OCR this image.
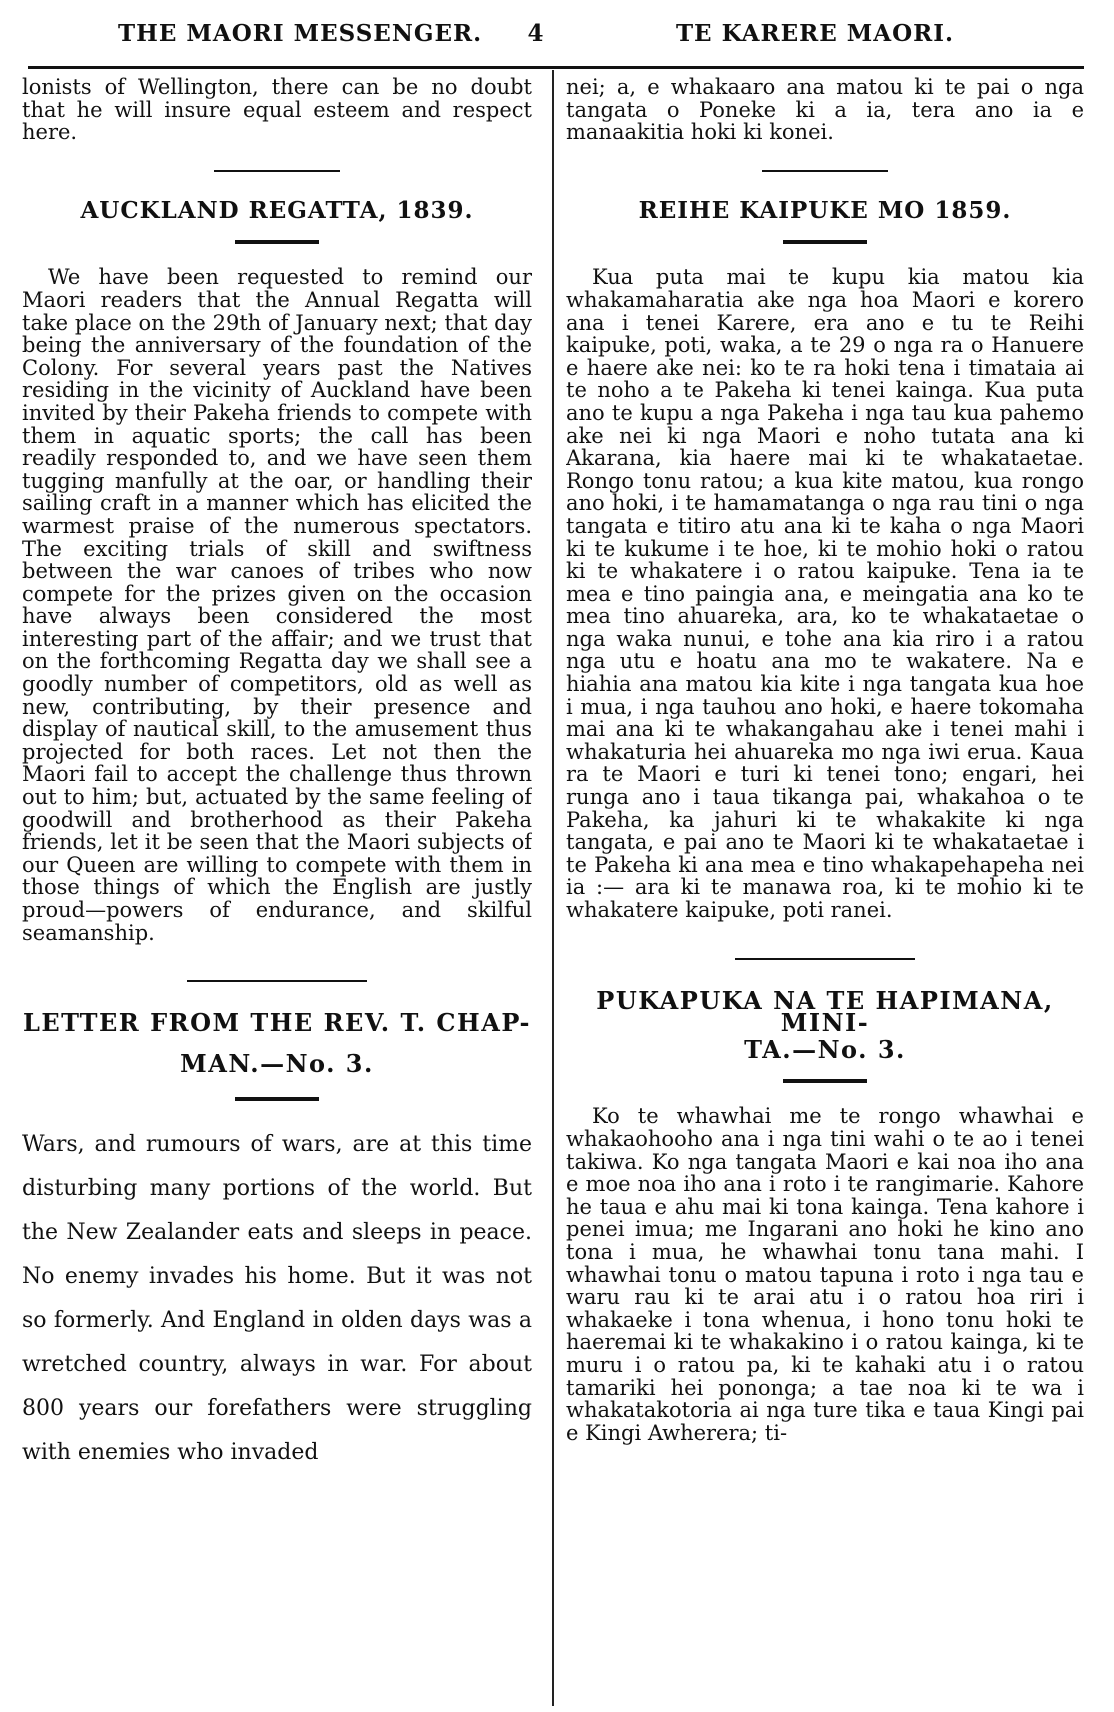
THE MAORI MESSENGER.	4	TE KARERE MAORI.

lonists of Wellington, there can be no doubt that he will insure equal esteem and respect here.

AUCKLAND REGATTA, 1839.

We have been requested to remind our Maori readers that the Annual Regatta will take place on the 29th of January next; that day being the anniversary of the foundation of the Colony. For several years past the Natives residing in the vicinity of Auckland have been invited by their Pakeha friends to compete with them in aquatic sports; the call has been readily responded to, and we have seen them tugging manfully at the oar, or handling their sailing craft in a manner which has elicited the warmest praise of the numerous spectators. The exciting trials of skill and swiftness between the war canoes of tribes who now compete for the prizes given on the occasion have always been considered the most interesting part of the affair; and we trust that on the forthcoming Regatta day we shall see a goodly number of competitors, old as well as new, contributing, by their presence and display of nautical skill, to the amusement thus projected for both races. Let not then the Maori fail to accept the challenge thus thrown out to him; but, actuated by the same feeling of goodwill and brotherhood as their Pakeha friends, let it be seen that the Maori subjects of our Queen are willing to compete with them in those things of which the English are justly proud—powers of endurance, and skilful seamanship.

LETTER FROM THE REV. T. CHAP-

MAN.—No. 3.

Wars, and rumours of wars, are at this time disturbing many portions of the world. But the New Zealander eats and sleeps in peace. No enemy invades his home. But it was not so formerly. And England in olden days was a wretched country, always in war. For about 800 years our forefathers were struggling with enemies who invaded

nei; a, e whakaaro ana matou ki te pai o nga tangata o Poneke ki a ia, tera ano ia e manaakitia hoki ki konei.

REIHE KAIPUKE MO 1859.

Kua puta mai te kupu kia matou kia whakamaharatia ake nga hoa Maori e korero ana i tenei Karere, era ano e tu te Reihi kaipuke, poti, waka, a te 29 o nga ra o Hanuere e haere ake nei: ko te ra hoki tena i timataia ai te noho a te Pakeha ki tenei kainga. Kua puta ano te kupu a nga Pakeha i nga tau kua pahemo ake nei ki nga Maori e noho tutata ana ki Akarana, kia haere mai ki te whakataetae. Rongo tonu ratou; a kua kite matou, kua rongo ano hoki, i te hamamatanga o nga rau tini o nga tangata e titiro atu ana ki te kaha o nga Maori ki te kukume i te hoe, ki te mohio hoki o ratou ki te whakatere i o ratou kaipuke. Tena ia te mea e tino paingia ana, e meingatia ana ko te mea tino ahuareka, ara, ko te whakataetae o nga waka nunui, e tohe ana kia riro i a ratou nga utu e hoatu ana mo te wakatere. Na e hiahia ana matou kia kite i nga tangata kua hoe i mua, i nga tauhou ano hoki, e haere tokomaha mai ana ki te whakangahau ake i tenei mahi i whakaturia hei ahuareka mo nga iwi erua. Kaua ra te Maori e turi ki tenei tono; engari, hei runga ano i taua tikanga pai, whakahoa o te Pakeha, ka jahuri ki te whakakite ki nga tangata, e pai ano te Maori ki te whakataetae i te Pakeha ki ana mea e tino whakapehapeha nei ia :— ara ki te manawa roa, ki te mohio ki te whakatere kaipuke, poti ranei.

PUKAPUKA NA TE HAPIMANA, MINI-

TA.—No. 3.

Ko te whawhai me te rongo whawhai e whakaohooho ana i nga tini wahi o te ao i tenei takiwa. Ko nga tangata Maori e kai noa iho ana e moe noa iho ana i roto i te rangimarie. Kahore he taua e ahu mai ki tona kainga. Tena kahore i penei imua; me Ingarani ano hoki he kino ano tona i mua, he whawhai tonu tana mahi. I whawhai tonu o matou tapuna i roto i nga tau e waru rau ki te arai atu i o ratou hoa riri i whakaeke i tona whenua, i hono tonu hoki te haeremai ki te whakakino i o ratou kainga, ki te muru i o ratou pa, ki te kahaki atu i o ratou tamariki hei pononga; a tae noa ki te wa i whakatakotoria ai nga ture tika e taua Kingi pai e Kingi Awherera; ti-
